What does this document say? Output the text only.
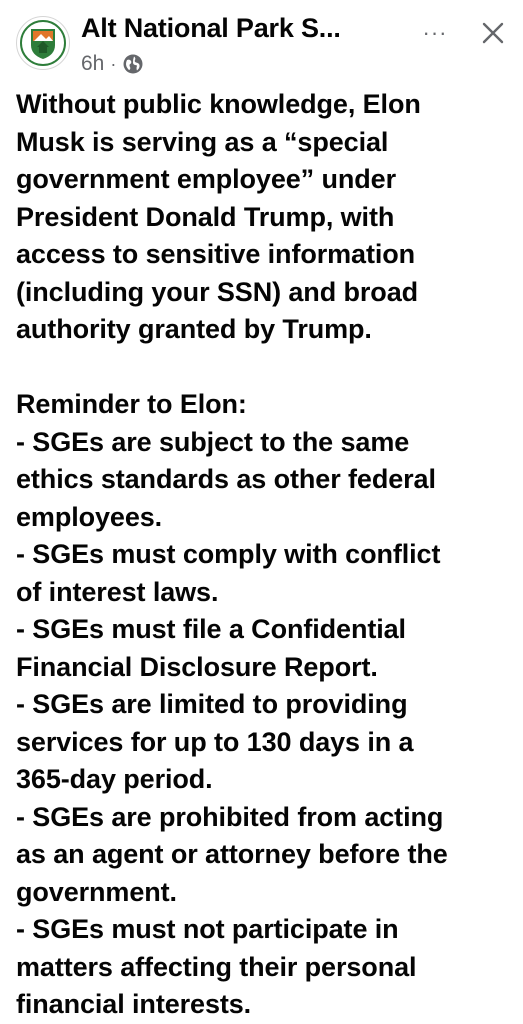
Alt National Park S...
6h ·
···

Without public knowledge, Elon

Musk is serving as a “special

government employee” under

President Donald Trump, with

access to sensitive information

(including your SSN) and broad

authority granted by Trump.

Reminder to Elon:

- SGEs are subject to the same

ethics standards as other federal

employees.

- SGEs must comply with conflict

of interest laws.

- SGEs must file a Confidential

Financial Disclosure Report.

- SGEs are limited to providing

services for up to 130 days in a

365-day period.

- SGEs are prohibited from acting

as an agent or attorney before the

government.

- SGEs must not participate in

matters affecting their personal

financial interests.
